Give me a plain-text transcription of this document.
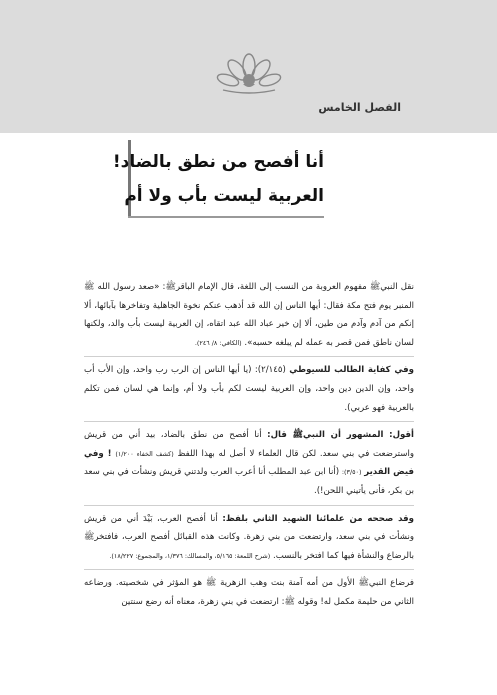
الفصل الخامس
أنا أفصح من نطق بالضاد!
العربية ليست بأب ولا أم

نقل النبيﷺ مفهوم العروبة من النسب إلى اللغة، قال الإمام الباقرﷺ: «صعد رسول الله ﷺ المنبر يوم فتح مكة فقال: أيها الناس إن الله قد أذهب عنكم نخوة الجاهلية وتفاخرها بآبائها، ألا إنكم من آدم وآدم من طين، ألا إن خير عباد الله عبد اتقاه، إن العربية ليست بأب والد، ولكنها لسان ناطق فمن قصر به عمله لم يبلغه حسبه». (الكافي: ٨/ ٢٤٦).

وفي كفاية الطالب للسيوطي (٢/١٤٥): (يا أيها الناس إن الرب رب واحد، وإن الأب أب واحد، وإن الدين دين واحد، وإن العربية ليست لكم بأب ولا أم، وإنما هي لسان فمن تكلم بالعربية فهو عربي).

أقول: المشهور أن النبيﷺ قال: أنا أفصح من نطق بالضاد، بيد أني من قريش واسترضعت في بني سعد. لكن قال العلماء لا أصل له بهذا اللفظ (كشف الخفاء ١/٢٠٠) ! وفي فيض القدير (٣/٥٠): (أنا ابن عبد المطلب أنا أعرب العرب ولدتني قريش ونشأت في بني سعد بن بكر، فأنى يأتيني اللحن!).

وقد صححه من علمائنا الشهيد الثاني بلفظ: أنا أفصح العرب، بَيْدَ أني من قريش ونشأت في بني سعد، وارتضعت من بني زهرة. وكانت هذه القبائل أفصح العرب، فافتخرﷺ بالرضاع والنشأة فيها كما افتخر بالنسب. (شرح اللمعة: ٥/١٦٥، والمسالك: ١/٣٧٦، والمجموع: ١٨/٢٢٧).

فرضاع النبيﷺ الأول من أمه آمنة بنت وهب الزهرية ﷺ هو المؤثر في شخصيته. ورضاعه الثاني من حليمة مكمل له! وقوله ﷺ: ارتضعت في بني زهرة، معناه أنه رضع سنتين
